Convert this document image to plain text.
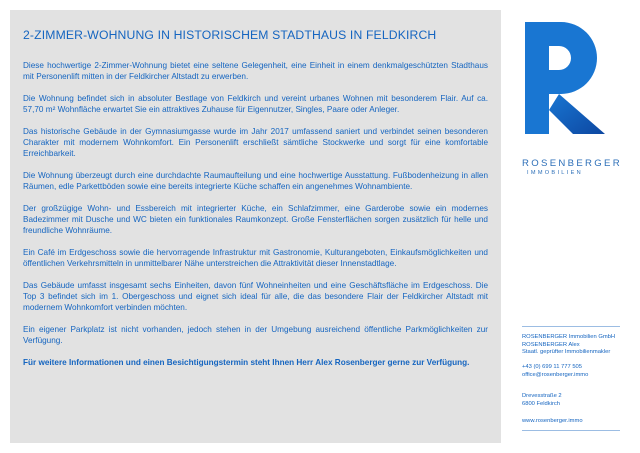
2-ZIMMER-WOHNUNG IN HISTORISCHEM STADTHAUS IN FELDKIRCH

Diese hochwertige 2-Zimmer-Wohnung bietet eine seltene Gelegenheit, eine Einheit in einem denkmalgeschützten Stadthaus mit Personenlift mitten in der Feldkircher Altstadt zu erwerben.

Die Wohnung befindet sich in absoluter Bestlage von Feldkirch und vereint urbanes Wohnen mit besonderem Flair. Auf ca. 57,70 m² Wohnfläche erwartet Sie ein attraktives Zuhause für Eigennutzer, Singles, Paare oder Anleger.

Das historische Gebäude in der Gymnasiumgasse wurde im Jahr 2017 umfassend saniert und verbindet seinen besonderen Charakter mit modernem Wohnkomfort. Ein Personenlift erschließt sämtliche Stockwerke und sorgt für eine komfortable Erreichbarkeit.

Die Wohnung überzeugt durch eine durchdachte Raumaufteilung und eine hochwertige Ausstattung. Fußbodenheizung in allen Räumen, edle Parkettböden sowie eine bereits integrierte Küche schaffen ein angenehmes Wohnambiente.

Der großzügige Wohn- und Essbereich mit integrierter Küche, ein Schlafzimmer, eine Garderobe sowie ein modernes Badezimmer mit Dusche und WC bieten ein funktionales Raumkonzept. Große Fensterflächen sorgen zusätzlich für helle und freundliche Wohnräume.

Ein Café im Erdgeschoss sowie die hervorragende Infrastruktur mit Gastronomie, Kulturangeboten, Einkaufsmöglichkeiten und öffentlichen Verkehrsmitteln in unmittelbarer Nähe unterstreichen die Attraktivität dieser Innenstadtlage.

Das Gebäude umfasst insgesamt sechs Einheiten, davon fünf Wohneinheiten und eine Geschäftsfläche im Erdgeschoss. Die Top 3 befindet sich im 1. Obergeschoss und eignet sich ideal für alle, die das besondere Flair der Feldkircher Altstadt mit modernem Wohnkomfort verbinden möchten.

Ein eigener Parkplatz ist nicht vorhanden, jedoch stehen in der Umgebung ausreichend öffentliche Parkmöglichkeiten zur Verfügung.

Für weitere Informationen und einen Besichtigungstermin steht Ihnen Herr Alex Rosenberger gerne zur Verfügung.

ROSENBERGER
IMMOBILIEN
ROSENBERGER Immobilien GmbH
ROSENBERGER Alex
Staatl. geprüfter Immobilienmakler
+43 (0) 699 11 777 505
office@rosenberger.immo
Drevesstraße 2
6800 Feldkirch
www.rosenberger.immo
